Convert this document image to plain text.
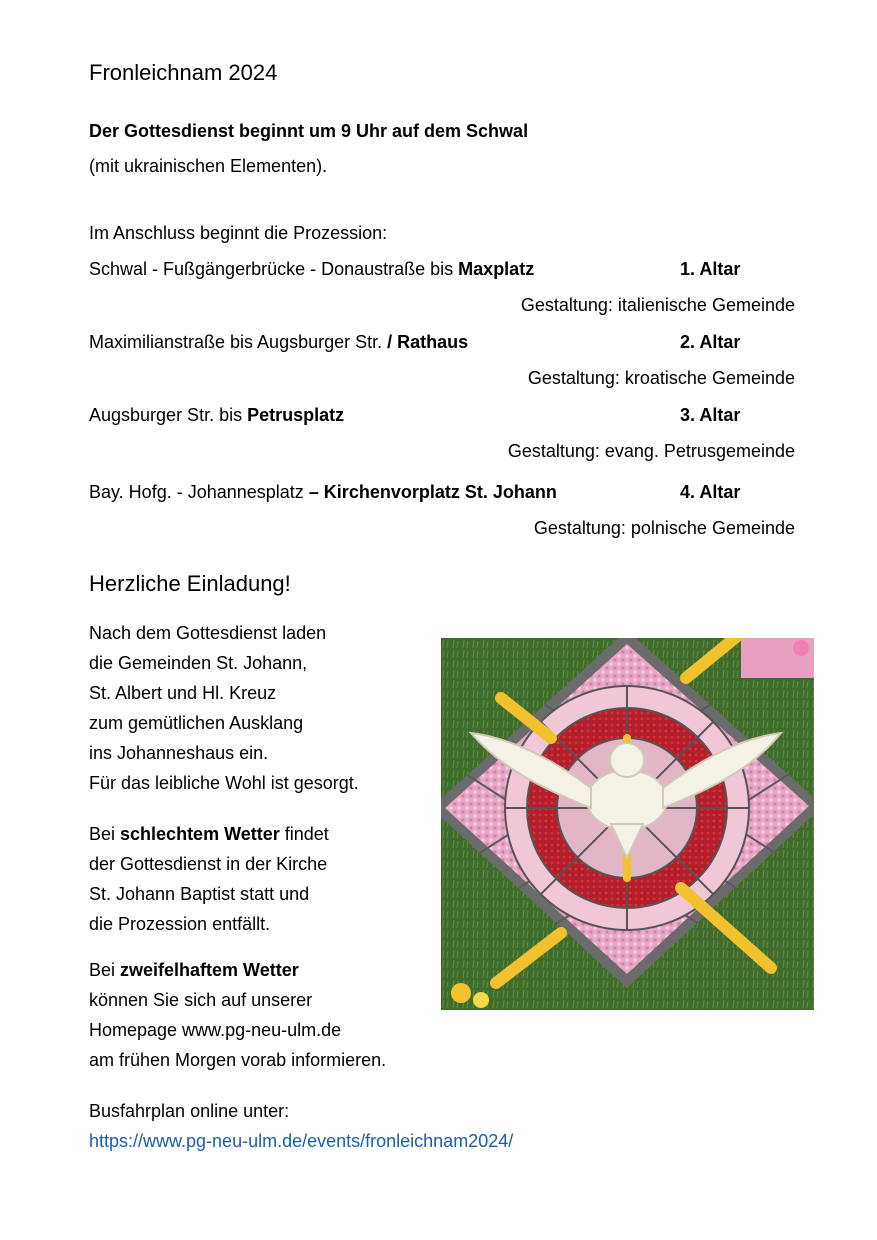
Fronleichnam 2024
Der Gottesdienst beginnt um 9 Uhr auf dem Schwal
(mit ukrainischen Elementen).
Im Anschluss beginnt die Prozession:
Schwal - Fußgängerbrücke - Donaustraße bis Maxplatz	1. Altar
Gestaltung: italienische Gemeinde
Maximilianstraße bis Augsburger Str. / Rathaus	2. Altar
Gestaltung: kroatische Gemeinde
Augsburger Str. bis Petrusplatz	3. Altar
Gestaltung: evang. Petrusgemeinde
Bay. Hofg. - Johannesplatz – Kirchenvorplatz St. Johann	4. Altar
Gestaltung: polnische Gemeinde
Herzliche Einladung!
Nach dem Gottesdienst laden
die Gemeinden St. Johann,
St. Albert und Hl. Kreuz
zum gemütlichen Ausklang
ins Johanneshaus ein.
Für das leibliche Wohl ist gesorgt.
Bei schlechtem Wetter findet
der Gottesdienst in der Kirche
St. Johann Baptist statt und
die Prozession entfällt.
Bei zweifelhaftem Wetter
können Sie sich auf unserer
Homepage www.pg-neu-ulm.de
am frühen Morgen vorab informieren.
Busfahrplan online unter:
https://www.pg-neu-ulm.de/events/fronleichnam2024/
